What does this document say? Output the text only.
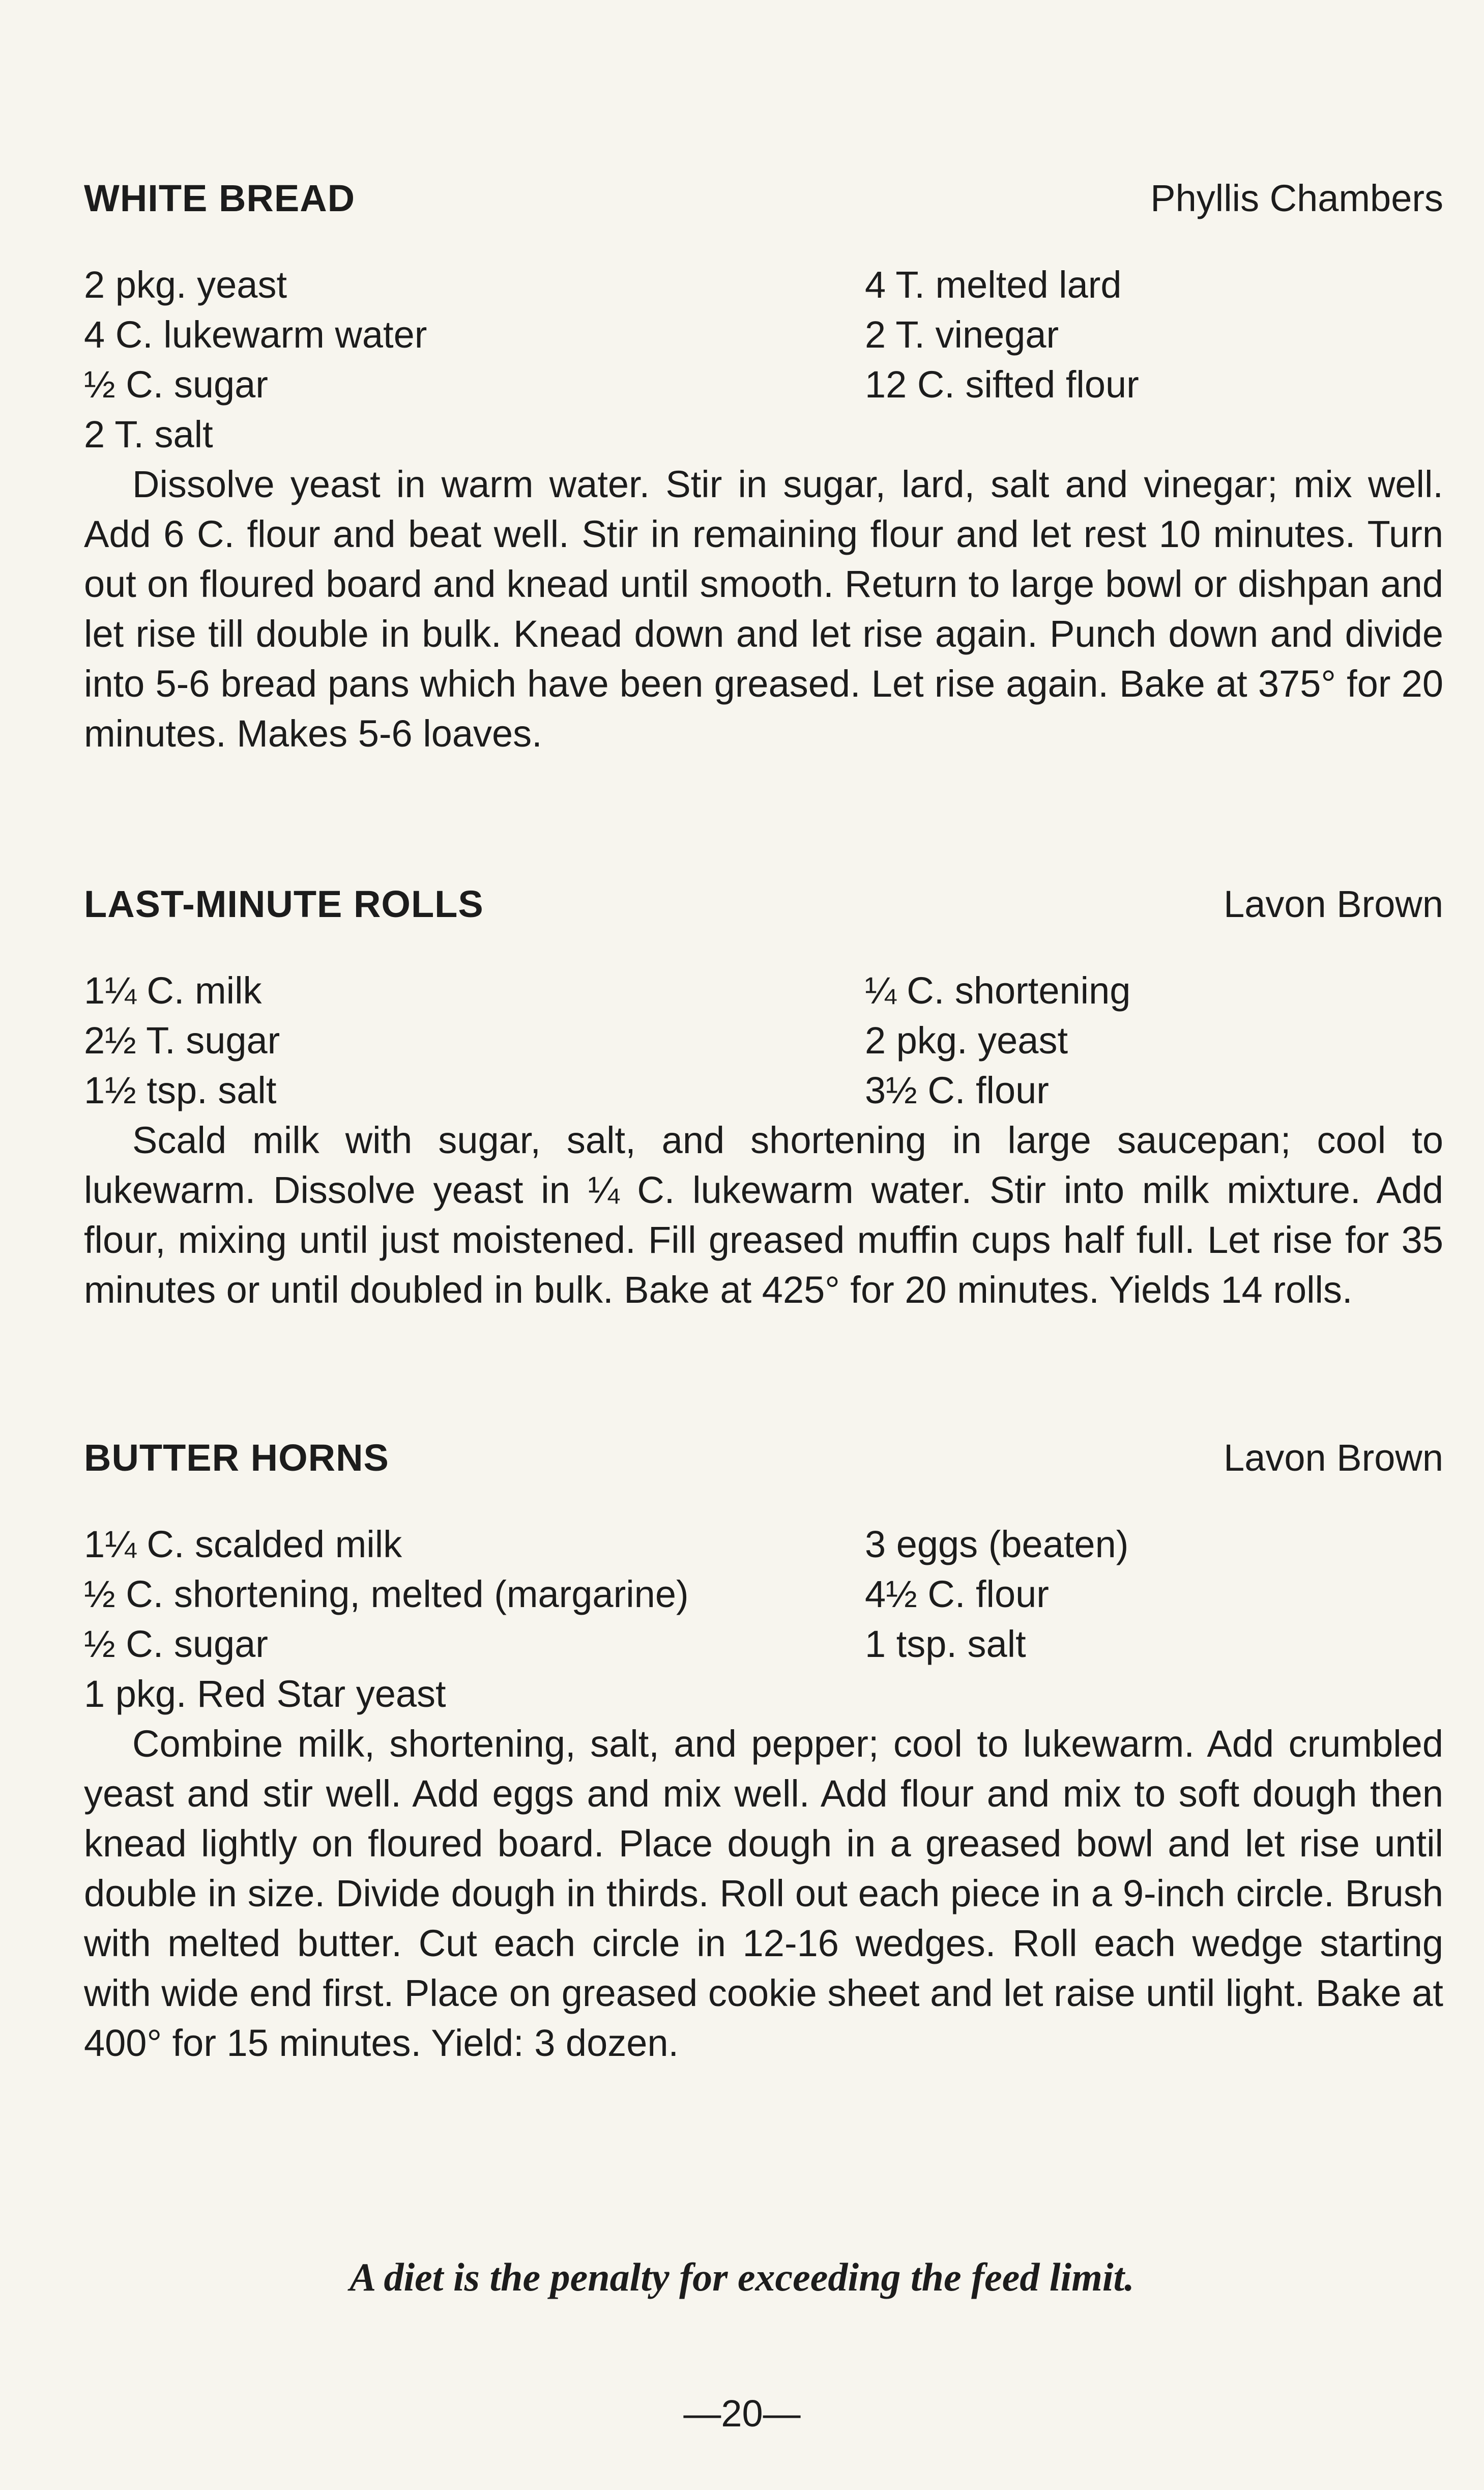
WHITE BREAD	Phyllis Chambers
2 pkg. yeast
4 C. lukewarm water
½ C. sugar
2 T. salt
4 T. melted lard
2 T. vinegar
12 C. sifted flour

Dissolve yeast in warm water. Stir in sugar, lard, salt and vinegar; mix well. Add 6 C. flour and beat well. Stir in remaining flour and let rest 10 minutes. Turn out on floured board and knead until smooth. Return to large bowl or dishpan and let rise till double in bulk. Knead down and let rise again. Punch down and divide into 5-6 bread pans which have been greased. Let rise again. Bake at 375° for 20 minutes. Makes 5-6 loaves.

LAST-MINUTE ROLLS	Lavon Brown
1¼ C. milk
2½ T. sugar
1½ tsp. salt
¼ C. shortening
2 pkg. yeast
3½ C. flour

Scald milk with sugar, salt, and shortening in large saucepan; cool to lukewarm. Dissolve yeast in ¼ C. lukewarm water. Stir into milk mixture. Add flour, mixing until just moistened. Fill greased muffin cups half full. Let rise for 35 minutes or until doubled in bulk. Bake at 425° for 20 minutes. Yields 14 rolls.

BUTTER HORNS	Lavon Brown
1¼ C. scalded milk
½ C. shortening, melted (margarine)
½ C. sugar
1 pkg. Red Star yeast
3 eggs (beaten)
4½ C. flour
1 tsp. salt

Combine milk, shortening, salt, and pepper; cool to lukewarm. Add crumbled yeast and stir well. Add eggs and mix well. Add flour and mix to soft dough then knead lightly on floured board. Place dough in a greased bowl and let rise until double in size. Divide dough in thirds. Roll out each piece in a 9-inch circle. Brush with melted butter. Cut each circle in 12-16 wedges. Roll each wedge starting with wide end first. Place on greased cookie sheet and let raise until light. Bake at 400° for 15 minutes. Yield: 3 dozen.

A diet is the penalty for exceeding the feed limit.
—20—
